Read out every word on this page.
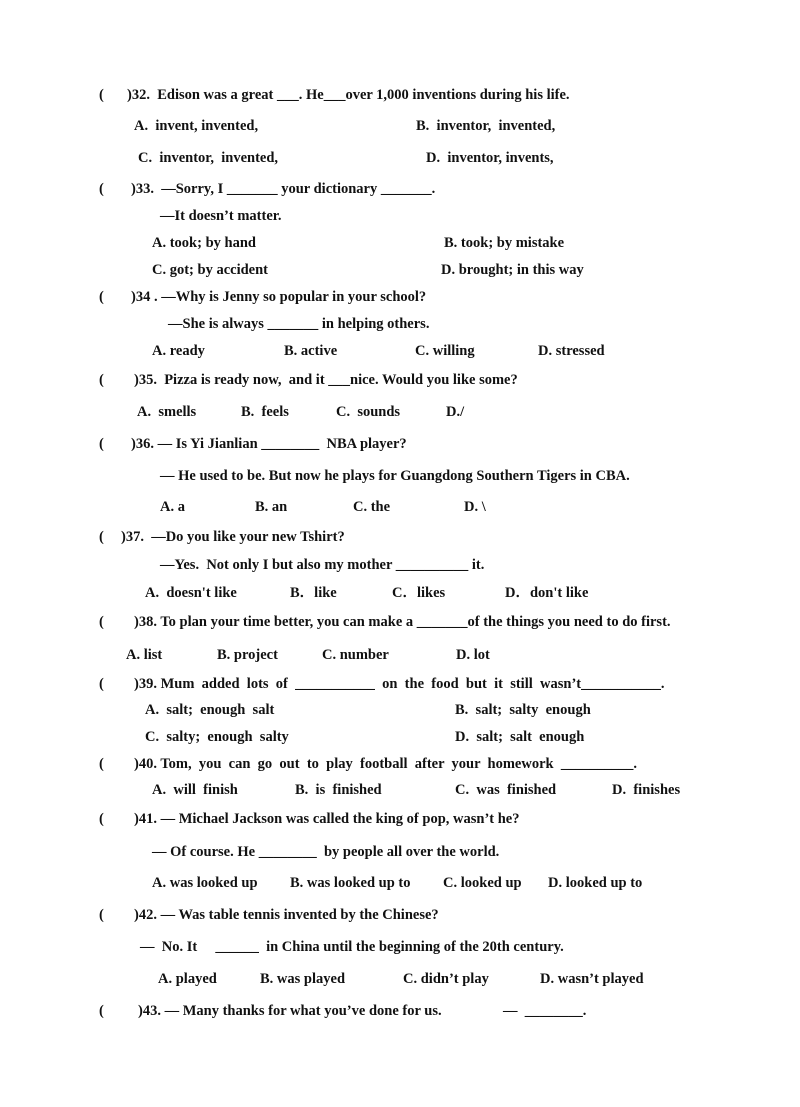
( )32.  Edison was a great ___. He___over 1,000 inventions during his life.
A.  invent, invented,	B.  inventor,  invented,
C.  inventor,  invented,	D.  inventor, invents,
( )33.  —Sorry, I _______ your dictionary _______.
—It doesn’t matter.
A. took; by hand	B. took; by mistake
C. got; by accident	D. brought; in this way
( )34 . —Why is Jenny so popular in your school?
—She is always _______ in helping others.
A. ready	B. active	C. willing	D. stressed
( )35.  Pizza is ready now,  and it ___nice. Would you like some?
A.  smells	B.  feels	C.  sounds	D./
( )36. — Is Yi Jianlian ________  NBA player?
— He used to be. But now he plays for Guangdong Southern Tigers in CBA.
A. a	B. an	C. the	D. \
( )37.  —Do you like your new Tshirt?
—Yes.  Not only I but also my mother __________ it.
A.  doesn't like	B．like	C．likes	D．don't like
( )38. To plan your time better, you can make a _______of the things you need to do first.
A. list	B. project	C. number	D. lot
( )39. Mum  added  lots  of  ___________  on  the  food  but  it  still  wasn’t___________.
A.  salt;  enough  salt	B.  salt;  salty  enough
C.  salty;  enough  salty	D.  salt;  salt  enough
( )40. Tom,  you  can  go  out  to  play  football  after  your  homework  __________.
A.  will  finish	B.  is  finished	C.  was  finished	D.  finishes
( )41. — Michael Jackson was called the king of pop, wasn’t he?
— Of course. He ________  by people all over the world.
A. was looked up B. was looked up to C. looked up D. looked up to
( )42. — Was table tennis invented by the Chinese?
—  No. It     ______  in China until the beginning of the 20th century.
A. played	B. was played	C. didn’t play	D. wasn’t played
( )43. — Many thanks for what you’ve done for us.	—  ________.
